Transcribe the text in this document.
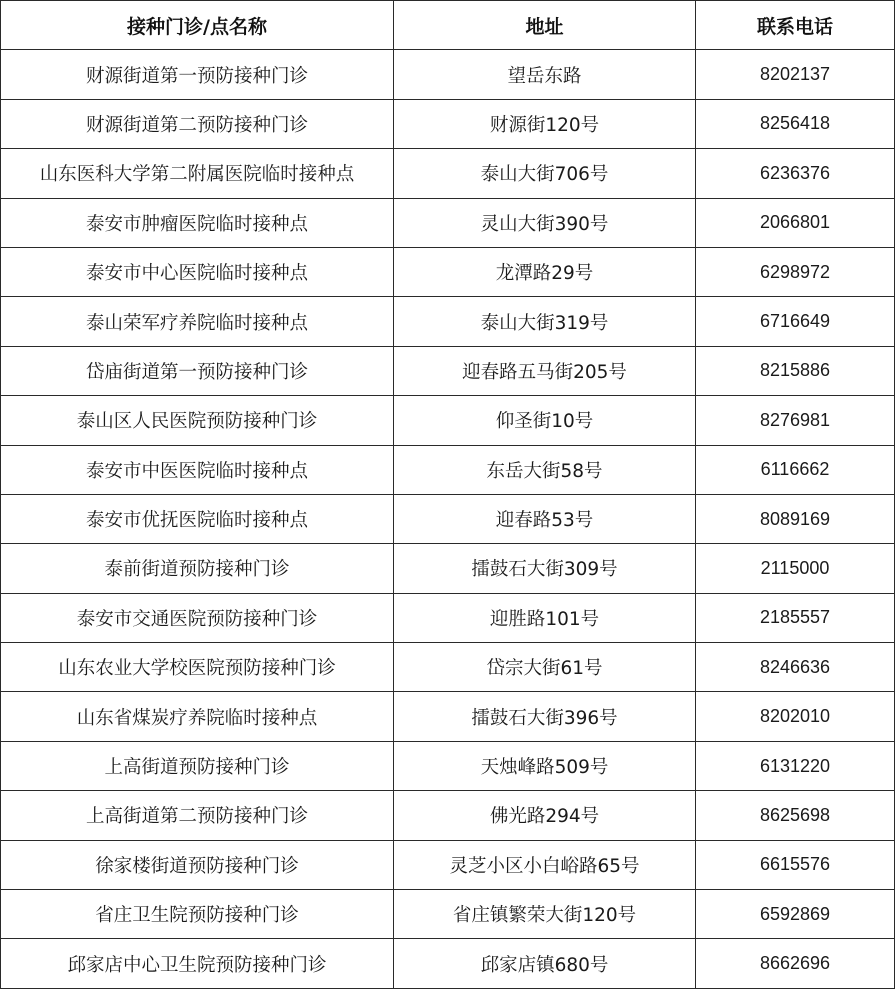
接种门诊/点名称	地址	联系电话
财源街道第一预防接种门诊	望岳东路	8202137
财源街道第二预防接种门诊	财源街120号	8256418
山东医科大学第二附属医院临时接种点	泰山大街706号	6236376
泰安市肿瘤医院临时接种点	灵山大街390号	2066801
泰安市中心医院临时接种点	龙潭路29号	6298972
泰山荣军疗养院临时接种点	泰山大街319号	6716649
岱庙街道第一预防接种门诊	迎春路五马街205号	8215886
泰山区人民医院预防接种门诊	仰圣街10号	8276981
泰安市中医医院临时接种点	东岳大街58号	6116662
泰安市优抚医院临时接种点	迎春路53号	8089169
泰前街道预防接种门诊	擂鼓石大街309号	2115000
泰安市交通医院预防接种门诊	迎胜路101号	2185557
山东农业大学校医院预防接种门诊	岱宗大街61号	8246636
山东省煤炭疗养院临时接种点	擂鼓石大街396号	8202010
上高街道预防接种门诊	天烛峰路509号	6131220
上高街道第二预防接种门诊	佛光路294号	8625698
徐家楼街道预防接种门诊	灵芝小区小白峪路65号	6615576
省庄卫生院预防接种门诊	省庄镇繁荣大街120号	6592869
邱家店中心卫生院预防接种门诊	邱家店镇680号	8662696
